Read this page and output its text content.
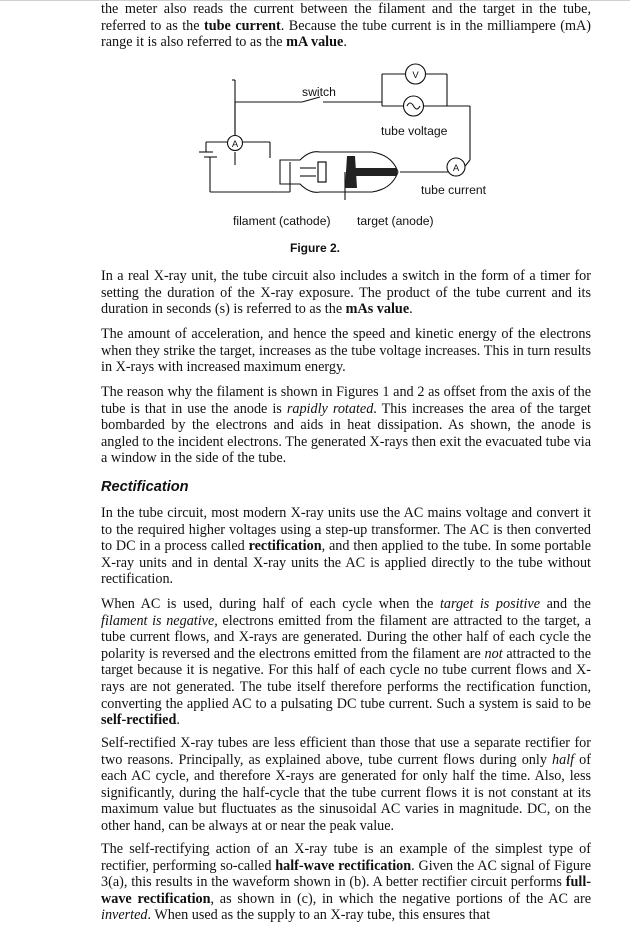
the meter also reads the current between the filament and the target in the tube, referred to as the tube current. Because the tube current is in the milliampere (mA) range it is also referred to as the mA value.

A
V
A
switch
tube voltage
tube current
filament (cathode) target (anode)
Figure 2.

In a real X-ray unit, the tube circuit also includes a switch in the form of a timer for setting the duration of the X-ray exposure. The product of the tube current and its duration in seconds (s) is referred to as the mAs value.

The amount of acceleration, and hence the speed and kinetic energy of the electrons when they strike the target, increases as the tube voltage increases. This in turn results in X-rays with increased maximum energy.

The reason why the filament is shown in Figures 1 and 2 as offset from the axis of the tube is that in use the anode is rapidly rotated. This increases the area of the target bombarded by the electrons and aids in heat dissipation. As shown, the anode is angled to the incident electrons. The generated X-rays then exit the evacuated tube via a window in the side of the tube.

Rectification

In the tube circuit, most modern X-ray units use the AC mains voltage and convert it to the required higher voltages using a step-up transformer. The AC is then converted to DC in a process called rectification, and then applied to the tube. In some portable X-ray units and in dental X-ray units the AC is applied directly to the tube without rectification.

When AC is used, during half of each cycle when the target is positive and the filament is negative, electrons emitted from the filament are attracted to the target, a tube current flows, and X-rays are generated. During the other half of each cycle the polarity is reversed and the electrons emitted from the filament are not attracted to the target because it is negative. For this half of each cycle no tube current flows and X-rays are not generated. The tube itself therefore performs the rectification function, converting the applied AC to a pulsating DC tube current. Such a system is said to be self-rectified.

Self-rectified X-ray tubes are less efficient than those that use a separate rectifier for two reasons. Principally, as explained above, tube current flows during only half of each AC cycle, and therefore X-rays are generated for only half the time. Also, less significantly, during the half-cycle that the tube current flows it is not constant at its maximum value but fluctuates as the sinusoidal AC varies in magnitude. DC, on the other hand, can be always at or near the peak value.

The self-rectifying action of an X-ray tube is an example of the simplest type of rectifier, performing so-called half-wave rectification. Given the AC signal of Figure 3(a), this results in the waveform shown in (b). A better rectifier circuit performs full-wave rectification, as shown in (c), in which the negative portions of the AC are inverted. When used as the supply to an X-ray tube, this ensures that
